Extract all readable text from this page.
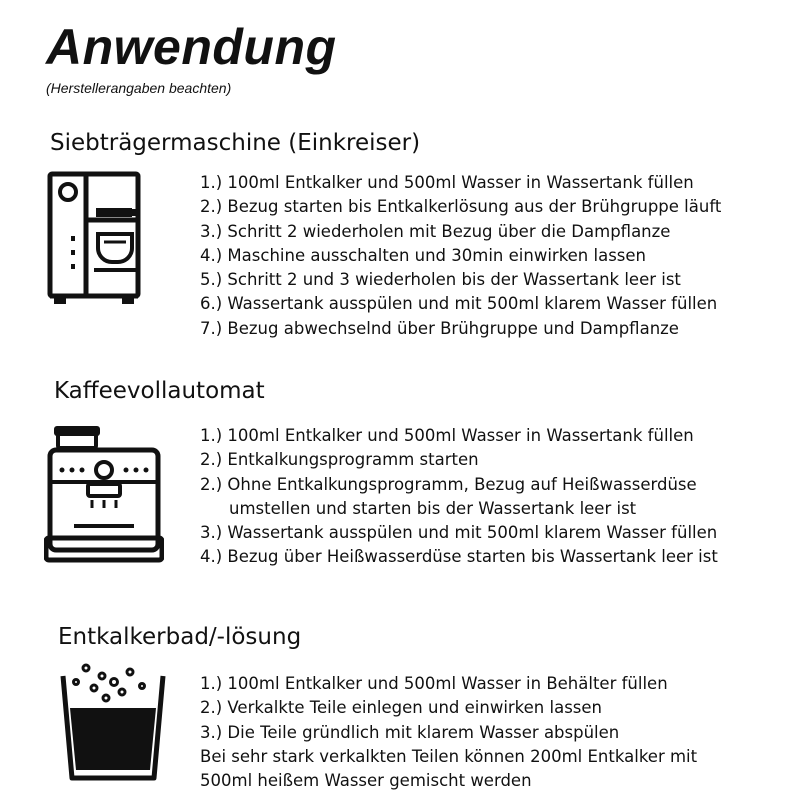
Anwendung
(Herstellerangaben beachten)
Siebträgermaschine (Einkreiser)
1.) 100ml Entkalker und 500ml Wasser in Wassertank füllen
2.) Bezug starten bis Entkalkerlösung aus der Brühgruppe läuft
3.) Schritt 2 wiederholen mit Bezug über die Dampflanze
4.) Maschine ausschalten und 30min einwirken lassen
5.) Schritt 2 und 3 wiederholen bis der Wassertank leer ist
6.) Wassertank ausspülen und mit 500ml klarem Wasser füllen
7.) Bezug abwechselnd über Brühgruppe und Dampflanze
Kaffeevollautomat
1.) 100ml Entkalker und 500ml Wasser in Wassertank füllen
2.) Entkalkungsprogramm starten
2.) Ohne Entkalkungsprogramm, Bezug auf Heißwasserdüse
umstellen und starten bis der Wassertank leer ist
3.) Wassertank ausspülen und mit 500ml klarem Wasser füllen
4.) Bezug über Heißwasserdüse starten bis Wassertank leer ist
Entkalkerbad/-lösung
1.) 100ml Entkalker und 500ml Wasser in Behälter füllen
2.) Verkalkte Teile einlegen und einwirken lassen
3.) Die Teile gründlich mit klarem Wasser abspülen
Bei sehr stark verkalkten Teilen können 200ml Entkalker mit
500ml heißem Wasser gemischt werden
